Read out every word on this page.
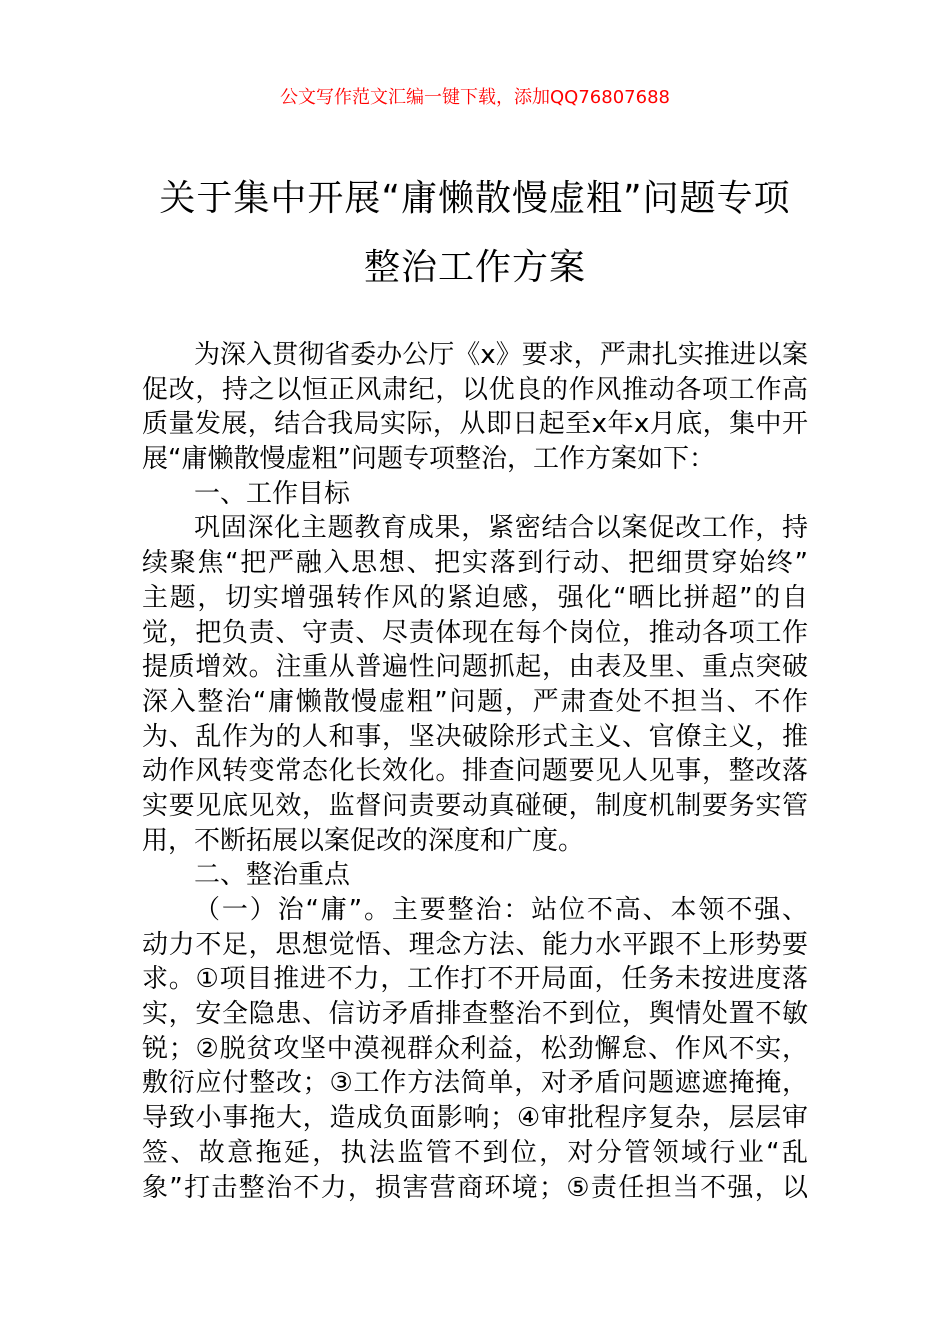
公文写作范文汇编一键下载，添加QQ76807688
关于集中开展“庸懒散慢虚粗”问题专项
整治工作方案
为深入贯彻省委办公厅《x》要求，严肃扎实推进以案
促改，持之以恒正风肃纪，以优良的作风推动各项工作高
质量发展，结合我局实际，从即日起至x年x月底，集中开
展“庸懒散慢虚粗”问题专项整治，工作方案如下：
一、工作目标
巩固深化主题教育成果，紧密结合以案促改工作，持
续聚焦“把严融入思想、把实落到行动、把细贯穿始终”
主题，切实增强转作风的紧迫感，强化“晒比拼超”的自
觉，把负责、守责、尽责体现在每个岗位，推动各项工作
提质增效。注重从普遍性问题抓起，由表及里、重点突破
深入整治“庸懒散慢虚粗”问题，严肃查处不担当、不作
为、乱作为的人和事，坚决破除形式主义、官僚主义，推
动作风转变常态化长效化。排查问题要见人见事，整改落
实要见底见效，监督问责要动真碰硬，制度机制要务实管
用，不断拓展以案促改的深度和广度。
二、整治重点
（一）治“庸”。主要整治：站位不高、本领不强、
动力不足，思想觉悟、理念方法、能力水平跟不上形势要
求。①项目推进不力，工作打不开局面，任务未按进度落
实，安全隐患、信访矛盾排查整治不到位，舆情处置不敏
锐；②脱贫攻坚中漠视群众利益，松劲懈怠、作风不实，
敷衍应付整改；③工作方法简单，对矛盾问题遮遮掩掩，
导致小事拖大，造成负面影响；④审批程序复杂，层层审
签、故意拖延，执法监管不到位，对分管领域行业“乱
象”打击整治不力，损害营商环境；⑤责任担当不强，以
